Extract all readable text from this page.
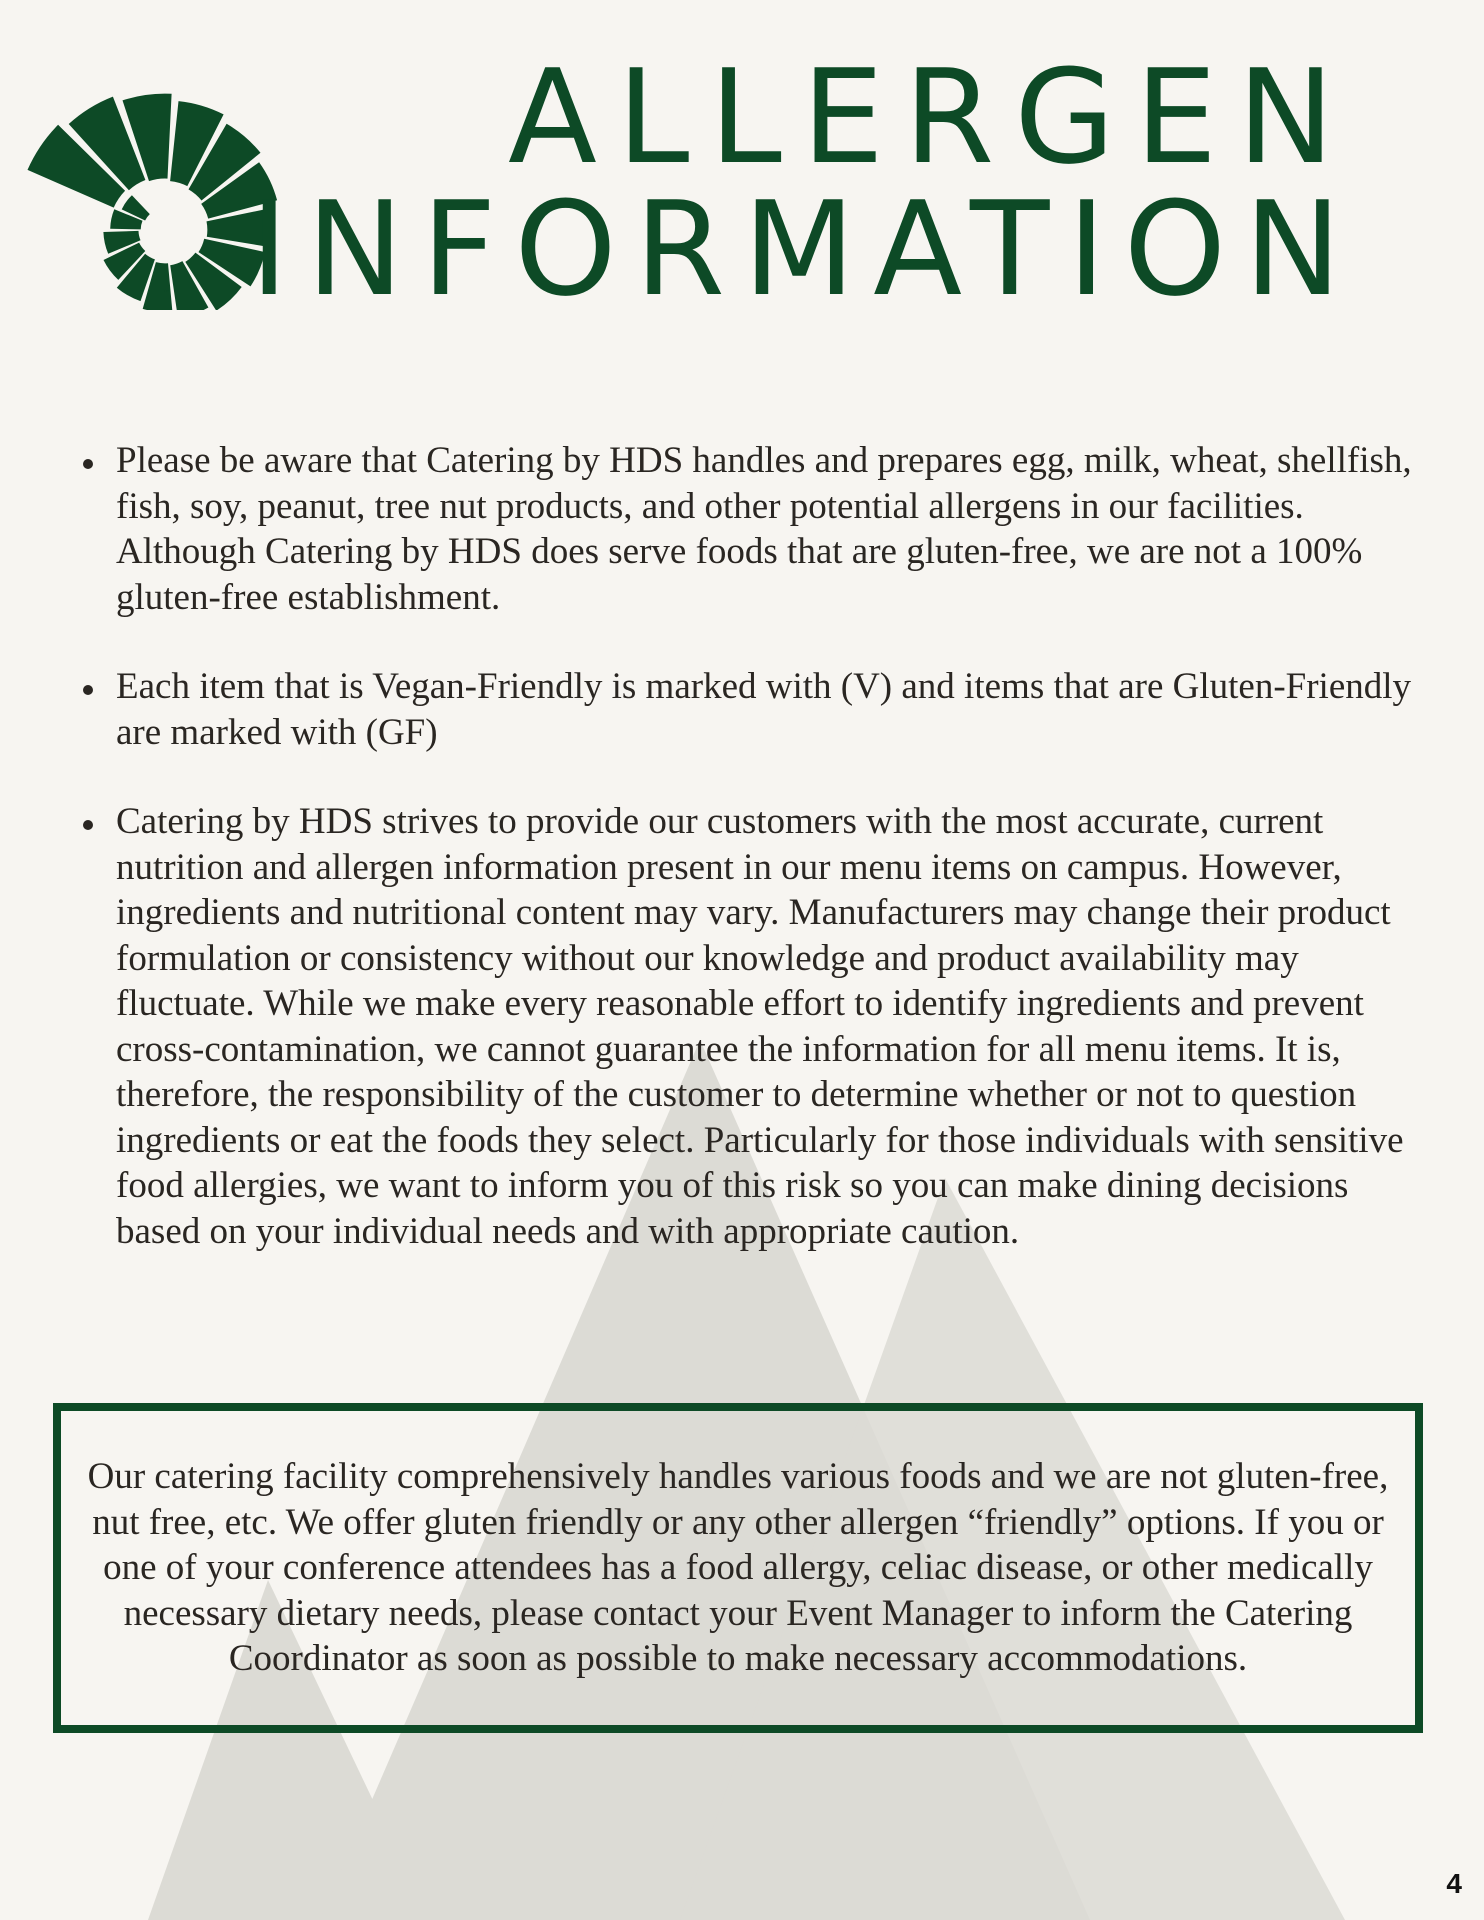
™
ALLERGEN
INFORMATION
Please be aware that Catering by HDS handles and prepares egg, milk, wheat, shellfish, fish, soy, peanut, tree nut products, and other potential allergens in our facilities. Although Catering by HDS does serve foods that are gluten-free, we are not a 100% gluten-free establishment.
Each item that is Vegan-Friendly is marked with (V) and items that are Gluten-Friendly are marked with (GF)
Catering by HDS strives to provide our customers with the most accurate, current nutrition and allergen information present in our menu items on campus. However, ingredients and nutritional content may vary. Manufacturers may change their product formulation or consistency without our knowledge and product availability may fluctuate. While we make every reasonable effort to identify ingredients and prevent cross-contamination, we cannot guarantee the information for all menu items. It is, therefore, the responsibility of the customer to determine whether or not to question ingredients or eat the foods they select. Particularly for those individuals with sensitive food allergies, we want to inform you of this risk so you can make dining decisions based on your individual needs and with appropriate caution.

Our catering facility comprehensively handles various foods and we are not gluten-free, nut free, etc. We offer gluten friendly or any other allergen “friendly” options. If you or one of your conference attendees has a food allergy, celiac disease, or other medically necessary dietary needs, please contact your Event Manager to inform the Catering Coordinator as soon as possible to make necessary accommodations.

4
